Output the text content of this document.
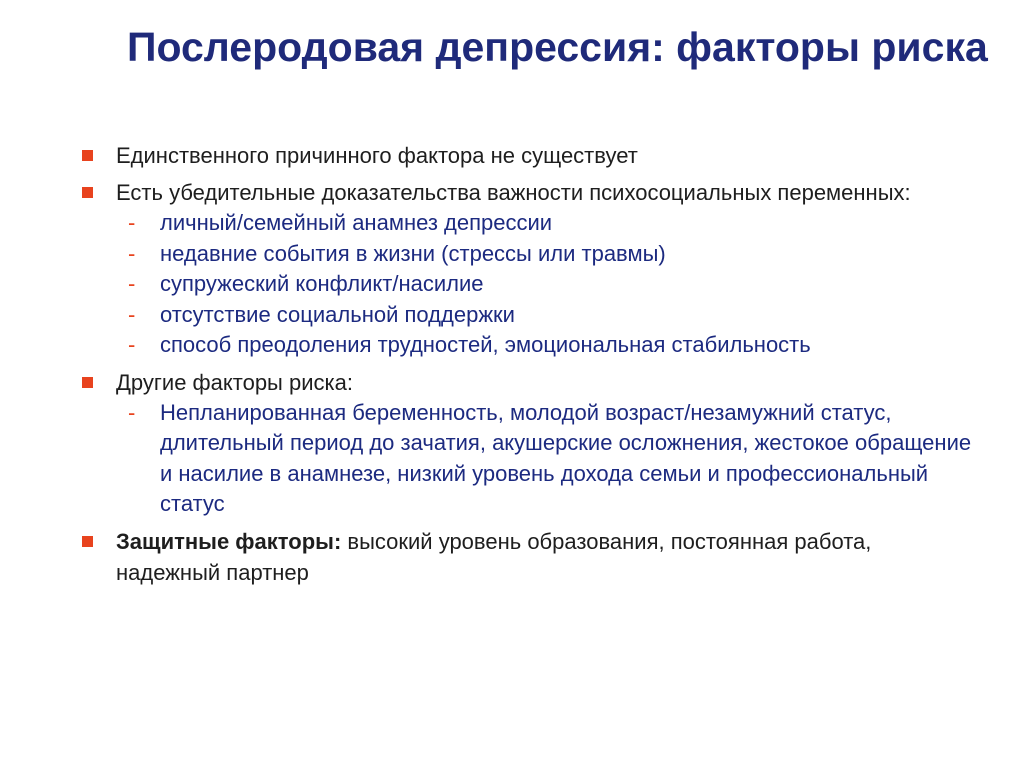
Послеродовая депрессия: факторы риска
Единственного причинного фактора не существует
Есть убедительные доказательства важности психосоциальных переменных:
- личный/семейный анамнез депрессии
- недавние события в жизни (стрессы или травмы)
- супружеский конфликт/насилие
- отсутствие социальной поддержки
- способ преодоления трудностей, эмоциональная стабильность
Другие факторы риска:
- Непланированная беременность, молодой возраст/незамужний статус, длительный период до зачатия, акушерские осложнения, жестокое обращение и насилие в анамнезе, низкий уровень дохода семьи и профессиональный статус
Защитные факторы: высокий уровень образования, постоянная работа, надежный партнер
